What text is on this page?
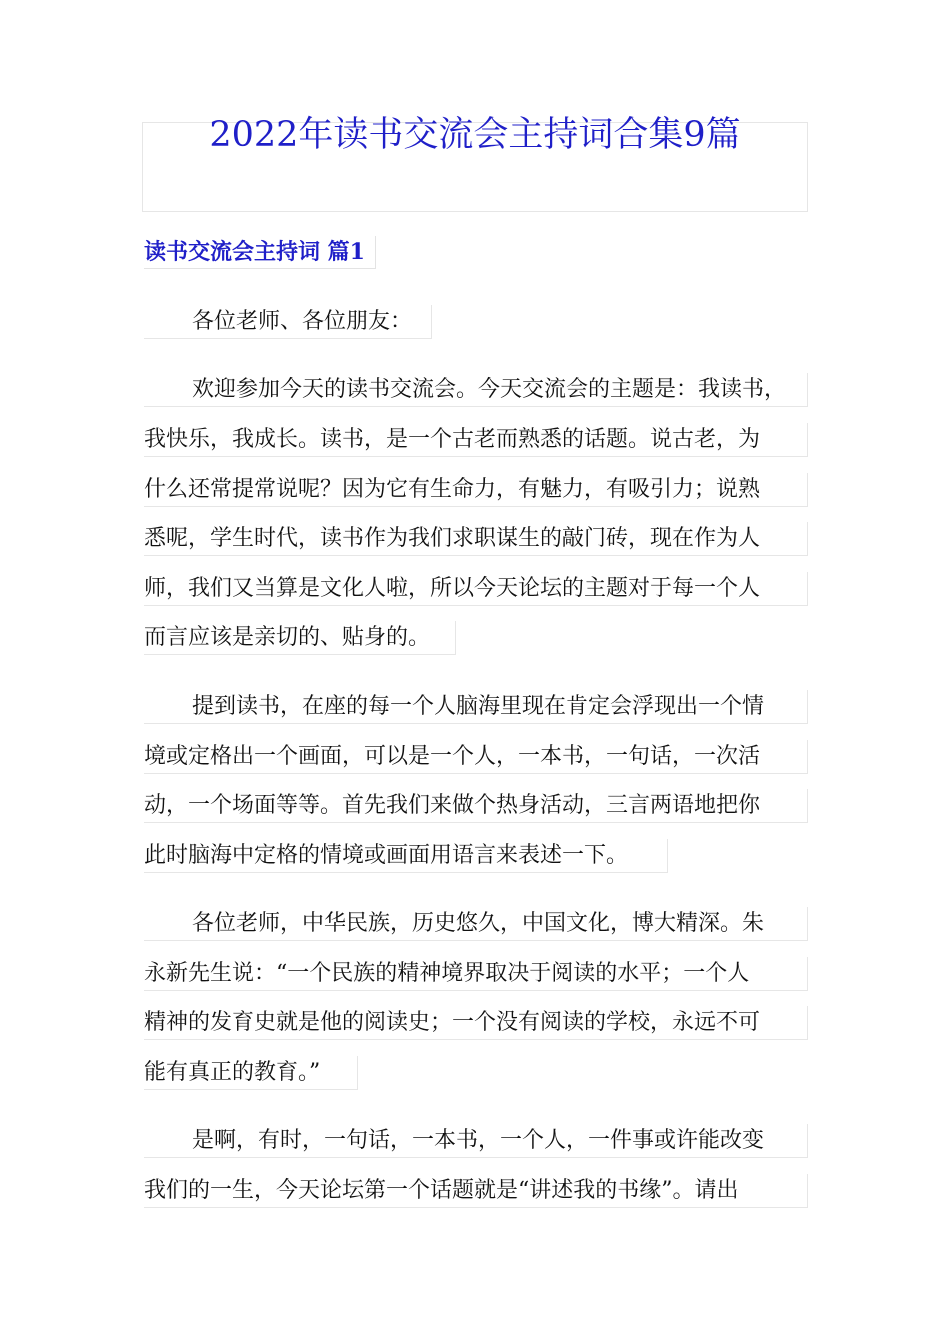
2022年读书交流会主持词合集9篇
读书交流会主持词 篇1
各位老师、各位朋友：
欢迎参加今天的读书交流会。今天交流会的主题是：我读书，
我快乐，我成长。读书，是一个古老而熟悉的话题。说古老，为
什么还常提常说呢？因为它有生命力，有魅力，有吸引力；说熟
悉呢，学生时代，读书作为我们求职谋生的敲门砖，现在作为人
师，我们又当算是文化人啦，所以今天论坛的主题对于每一个人
而言应该是亲切的、贴身的。
提到读书，在座的每一个人脑海里现在肯定会浮现出一个情
境或定格出一个画面，可以是一个人，一本书，一句话，一次活
动，一个场面等等。首先我们来做个热身活动，三言两语地把你
此时脑海中定格的情境或画面用语言来表述一下。
各位老师，中华民族，历史悠久，中国文化，博大精深。朱
永新先生说：“一个民族的精神境界取决于阅读的水平；一个人
精神的发育史就是他的阅读史；一个没有阅读的学校，永远不可
能有真正的教育。”
是啊，有时，一句话，一本书，一个人，一件事或许能改变
我们的一生，今天论坛第一个话题就是“讲述我的书缘”。请出
